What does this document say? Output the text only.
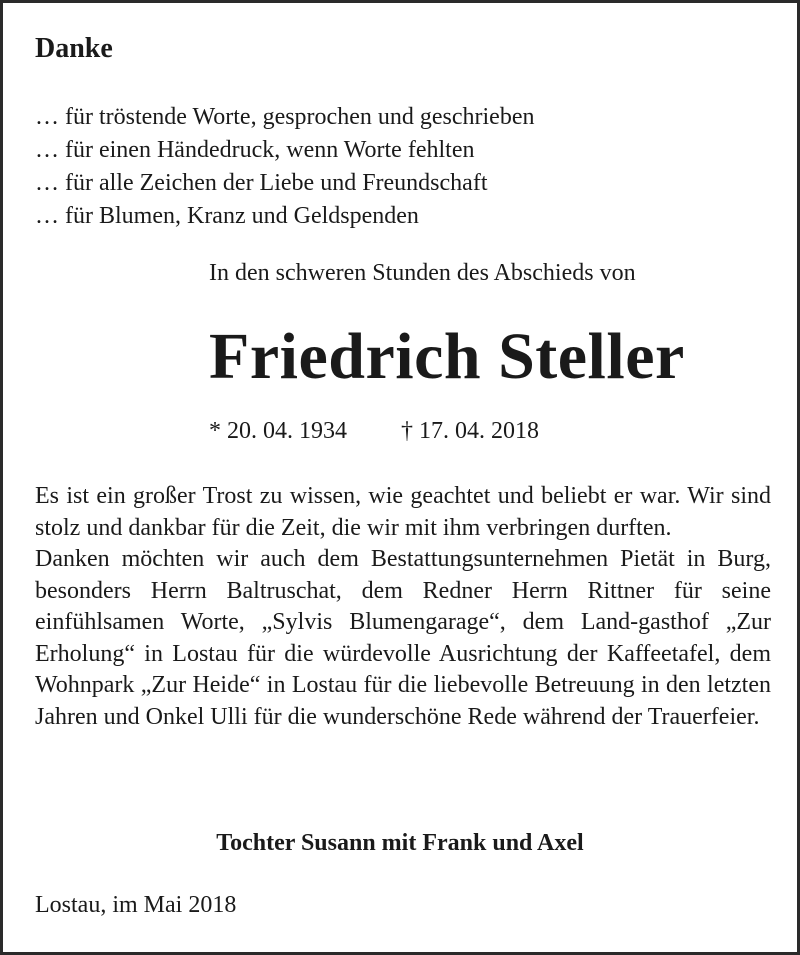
Danke
… für tröstende Worte, gesprochen und geschrieben
… für einen Händedruck, wenn Worte fehlten
… für alle Zeichen der Liebe und Freundschaft
… für Blumen, Kranz und Geldspenden
In den schweren Stunden des Abschieds von
Friedrich Steller
* 20. 04. 1934 † 17. 04. 2018

Es ist ein großer Trost zu wissen, wie geachtet und beliebt er war. Wir sind stolz und dankbar für die Zeit, die wir mit ihm verbringen durften.

Danken möchten wir auch dem Bestattungsunternehmen Pietät in Burg, besonders Herrn Baltruschat, dem Redner Herrn Rittner für seine einfühlsamen Worte, „Sylvis Blumengarage“, dem Land-gasthof „Zur Erholung“ in Lostau für die würdevolle Ausrichtung der Kaffeetafel, dem Wohnpark „Zur Heide“ in Lostau für die liebevolle Betreuung in den letzten Jahren und Onkel Ulli für die wunderschöne Rede während der Trauerfeier.

Tochter Susann mit Frank und Axel
Lostau, im Mai 2018
